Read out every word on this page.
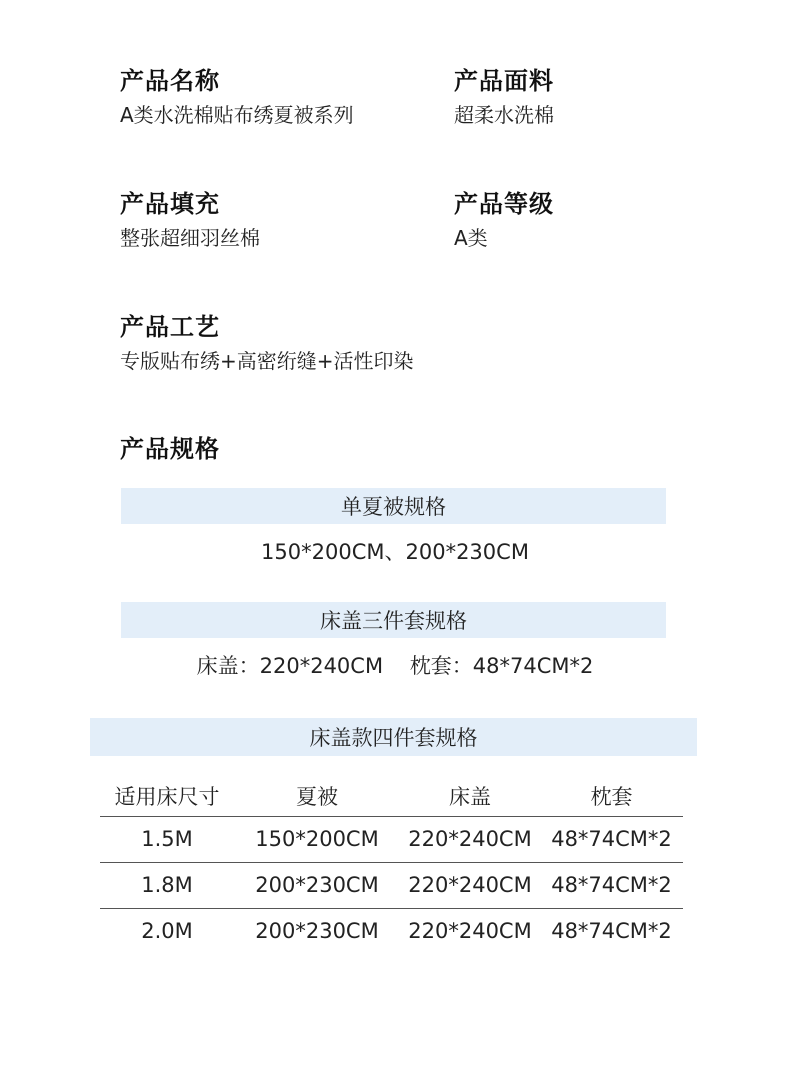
产品名称
A类水洗棉贴布绣夏被系列
产品面料
超柔水洗棉
产品填充
整张超细羽丝棉
产品等级
A类
产品工艺
专版贴布绣+高密绗缝+活性印染
产品规格
单夏被规格
150*200CM、200*230CM
床盖三件套规格
床盖：220*240CM    枕套：48*74CM*2
床盖款四件套规格
适用床尺寸	夏被	床盖	枕套
1.5M	150*200CM	220*240CM	48*74CM*2
1.8M	200*230CM	220*240CM	48*74CM*2
2.0M	200*230CM	220*240CM	48*74CM*2
